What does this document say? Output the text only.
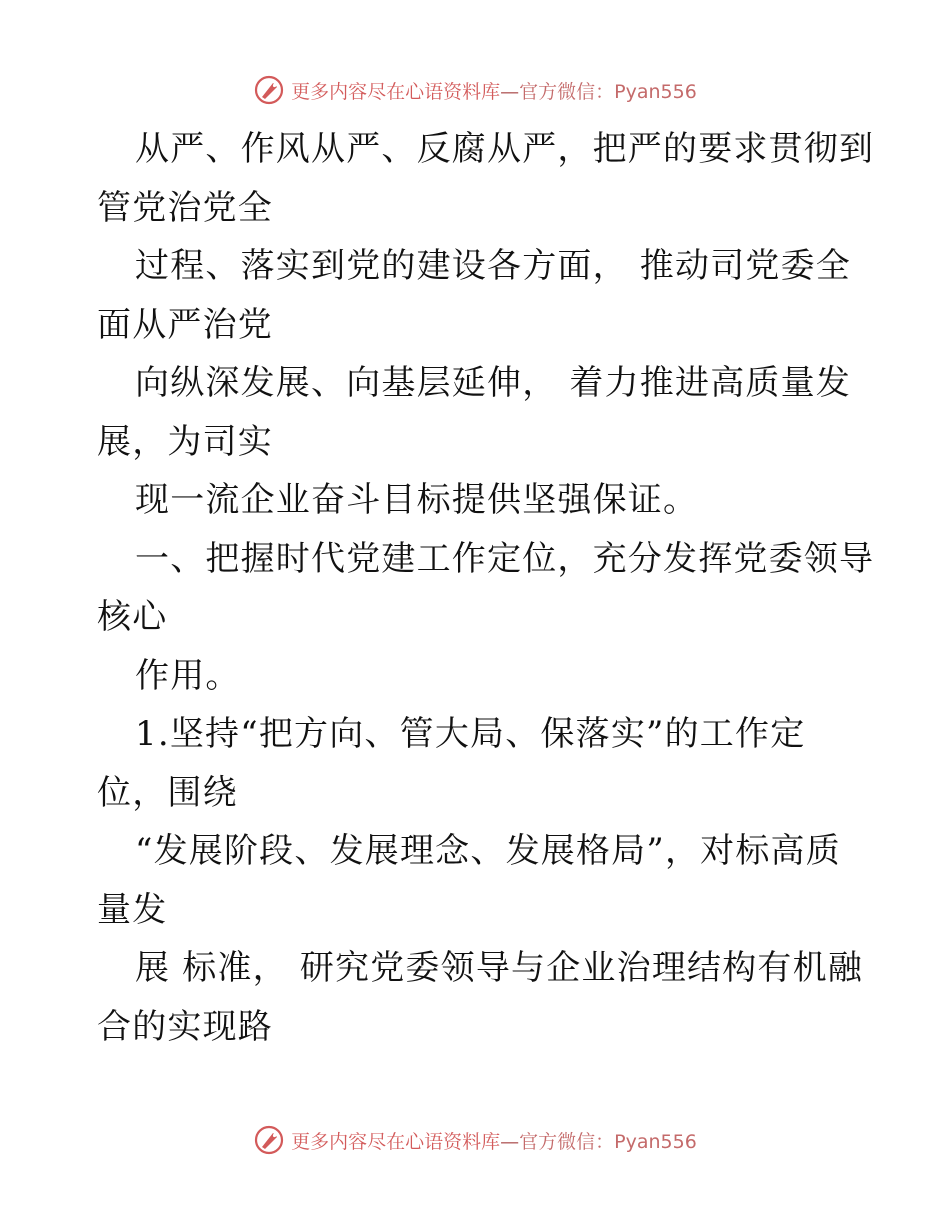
更多内容尽在心语资料库—官方微信：Pyan556
从严、作风从严、反腐从严，把严的要求贯彻到
管党治党全
过程、落实到党的建设各方面， 推动司党委全
面从严治党
向纵深发展、向基层延伸， 着力推进高质量发
展，为司实
现一流企业奋斗目标提供坚强保证。
一、把握时代党建工作定位，充分发挥党委领导
核心
作用。
1.坚持“把方向、管大局、保落实”的工作定
位，围绕
“发展阶段、发展理念、发展格局”，对标高质
量发
展 标准， 研究党委领导与企业治理结构有机融
合的实现路
更多内容尽在心语资料库—官方微信：Pyan556
